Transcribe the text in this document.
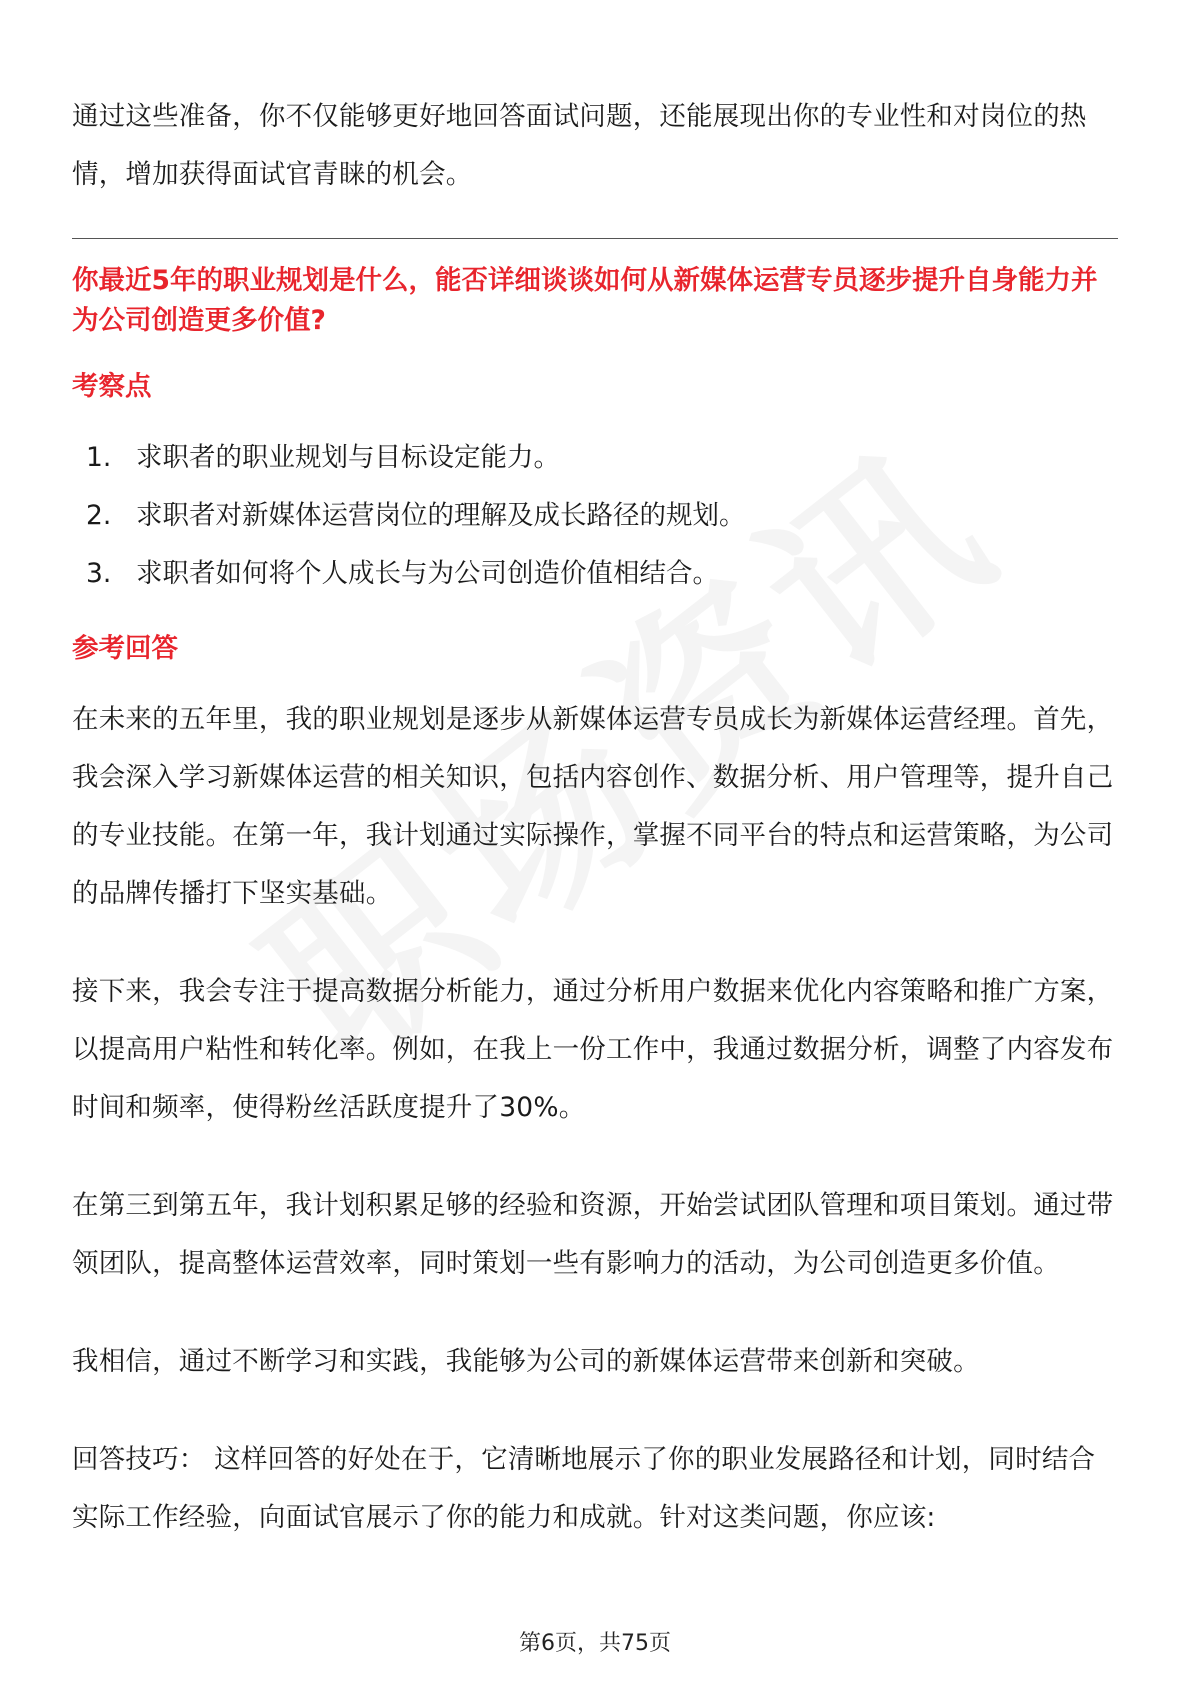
通过这些准备，你不仅能够更好地回答面试问题，还能展现出你的专业性和对岗位的热情，增加获得面试官青睐的机会。

你最近5年的职业规划是什么，能否详细谈谈如何从新媒体运营专员逐步提升自身能力并为公司创造更多价值?

考察点
1. 求职者的职业规划与目标设定能力。
2. 求职者对新媒体运营岗位的理解及成长路径的规划。
3. 求职者如何将个人成长与为公司创造价值相结合。
参考回答

在未来的五年里，我的职业规划是逐步从新媒体运营专员成长为新媒体运营经理。首先，我会深入学习新媒体运营的相关知识，包括内容创作、数据分析、用户管理等，提升自己的专业技能。在第一年，我计划通过实际操作，掌握不同平台的特点和运营策略，为公司的品牌传播打下坚实基础。

接下来，我会专注于提高数据分析能力，通过分析用户数据来优化内容策略和推广方案，以提高用户粘性和转化率。例如，在我上一份工作中，我通过数据分析，调整了内容发布时间和频率，使得粉丝活跃度提升了30%。

在第三到第五年，我计划积累足够的经验和资源，开始尝试团队管理和项目策划。通过带领团队，提高整体运营效率，同时策划一些有影响力的活动，为公司创造更多价值。

我相信，通过不断学习和实践，我能够为公司的新媒体运营带来创新和突破。

回答技巧： 这样回答的好处在于，它清晰地展示了你的职业发展路径和计划，同时结合实际工作经验，向面试官展示了你的能力和成就。针对这类问题，你应该:

第6页，共75页
